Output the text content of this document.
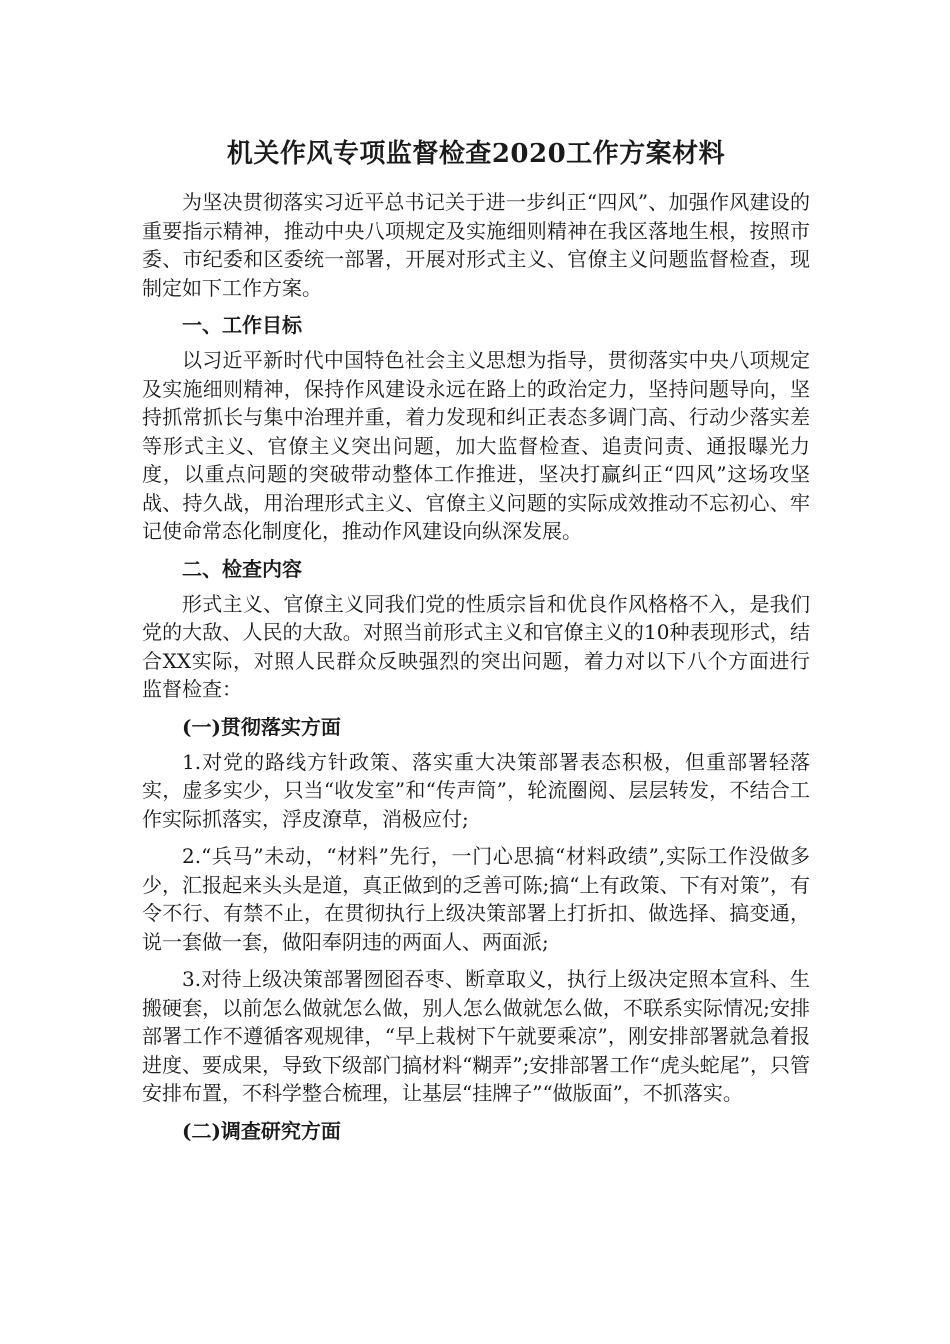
机关作风专项监督检查2020工作方案材料

为坚决贯彻落实习近平总书记关于进一步纠正“四风”、加强作风建设的重要指示精神，推动中央八项规定及实施细则精神在我区落地生根，按照市委、市纪委和区委统一部署，开展对形式主义、官僚主义问题监督检查，现制定如下工作方案。

一、工作目标

以习近平新时代中国特色社会主义思想为指导，贯彻落实中央八项规定及实施细则精神，保持作风建设永远在路上的政治定力，坚持问题导向，坚持抓常抓长与集中治理并重，着力发现和纠正表态多调门高、行动少落实差等形式主义、官僚主义突出问题，加大监督检查、追责问责、通报曝光力度，以重点问题的突破带动整体工作推进，坚决打赢纠正“四风”这场攻坚战、持久战，用治理形式主义、官僚主义问题的实际成效推动不忘初心、牢记使命常态化制度化，推动作风建设向纵深发展。

二、检查内容

形式主义、官僚主义同我们党的性质宗旨和优良作风格格不入，是我们党的大敌、人民的大敌。对照当前形式主义和官僚主义的10种表现形式，结合XX实际，对照人民群众反映强烈的突出问题，着力对以下八个方面进行监督检查：

(一)贯彻落实方面

1.对党的路线方针政策、落实重大决策部署表态积极，但重部署轻落实，虚多实少，只当“收发室”和“传声筒”，轮流圈阅、层层转发，不结合工作实际抓落实，浮皮潦草，消极应付;

2.“兵马”未动，“材料”先行，一门心思搞“材料政绩”,实际工作没做多少，汇报起来头头是道，真正做到的乏善可陈;搞“上有政策、下有对策”，有令不行、有禁不止，在贯彻执行上级决策部署上打折扣、做选择、搞变通，说一套做一套，做阳奉阴违的两面人、两面派;

3.对待上级决策部署囫囵吞枣、断章取义，执行上级决定照本宣科、生搬硬套，以前怎么做就怎么做，别人怎么做就怎么做，不联系实际情况;安排部署工作不遵循客观规律，“早上栽树下午就要乘凉”，刚安排部署就急着报进度、要成果，导致下级部门搞材料“糊弄”;安排部署工作“虎头蛇尾”，只管安排布置，不科学整合梳理，让基层“挂牌子”“做版面”，不抓落实。

(二)调查研究方面
